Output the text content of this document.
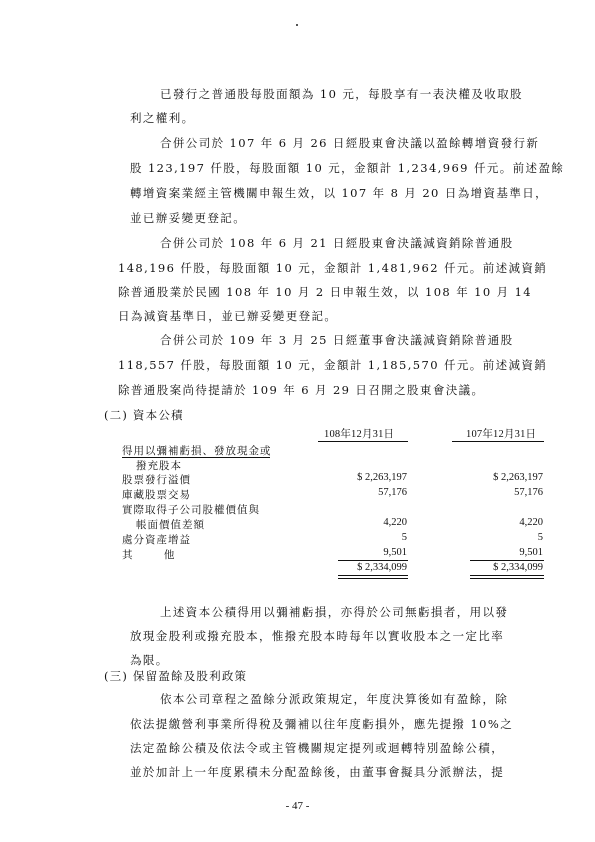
已發行之普通股每股面額為 10 元，每股享有一表決權及收取股
利之權利。
合併公司於 107 年 6 月 26 日經股東會決議以盈餘轉增資發行新
股 123,197 仟股，每股面額 10 元，金額計 1,234,969 仟元。前述盈餘
轉增資案業經主管機關申報生效，以 107 年 8 月 20 日為增資基準日，
並已辦妥變更登記。
合併公司於 108 年 6 月 21 日經股東會決議減資銷除普通股
148,196 仟股，每股面額 10 元，金額計 1,481,962 仟元。前述減資銷
除普通股業於民國 108 年 10 月 2 日申報生效，以 108 年 10 月 14
日為減資基準日，並已辦妥變更登記。
合併公司於 109 年 3 月 25 日經董事會決議減資銷除普通股
118,557 仟股，每股面額 10 元，金額計 1,185,570 仟元。前述減資銷
除普通股案尚待提請於 109 年 6 月 29 日召開之股東會決議。
(二) 資本公積
108年12月31日	107年12月31日
得用以彌補虧損、發放現金或
撥充股本
股票發行溢價	$ 2,263,197	$ 2,263,197
庫藏股票交易	57,176	57,176
實際取得子公司股權價值與
帳面價值差額	4,220	4,220
處分資產增益	5	5
其 他	9,501	9,501
$ 2,334,099	$ 2,334,099
上述資本公積得用以彌補虧損，亦得於公司無虧損者，用以發
放現金股利或撥充股本，惟撥充股本時每年以實收股本之一定比率
為限。
(三) 保留盈餘及股利政策
依本公司章程之盈餘分派政策規定，年度決算後如有盈餘，除
依法提繳營利事業所得稅及彌補以往年度虧損外，應先提撥 10%之
法定盈餘公積及依法令或主管機關規定提列或迴轉特別盈餘公積，
並於加計上一年度累積未分配盈餘後，由董事會擬具分派辦法，提
- 47 -
